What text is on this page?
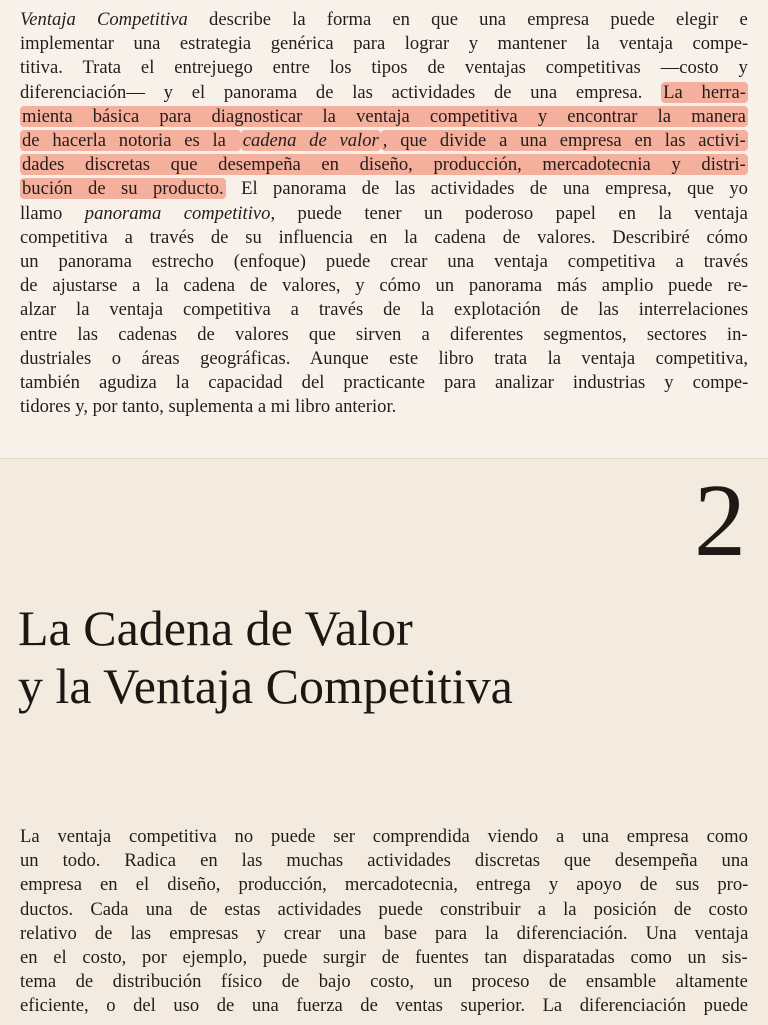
Ventaja Competitiva describe la forma en que una empresa puede elegir e
implementar una estrategia genérica para lograr y mantener la ventaja compe-
titiva. Trata el entrejuego entre los tipos de ventajas competitivas —costo y
diferenciación— y el panorama de las actividades de una empresa. La herra-
mienta básica para diagnosticar la ventaja competitiva y encontrar la manera
de hacerla notoria es la cadena de valor , que divide a una empresa en las activi-
dades discretas que desempeña en diseño, producción, mercadotecnia y distri-
bución de su producto. El panorama de las actividades de una empresa, que yo
llamo panorama competitivo, puede tener un poderoso papel en la ventaja
competitiva a través de su influencia en la cadena de valores. Describiré cómo
un panorama estrecho (enfoque) puede crear una ventaja competitiva a través
de ajustarse a la cadena de valores, y cómo un panorama más amplio puede re-
alzar la ventaja competitiva a través de la explotación de las interrelaciones
entre las cadenas de valores que sirven a diferentes segmentos, sectores in-
dustriales o áreas geográficas. Aunque este libro trata la ventaja competitiva,
también agudiza la capacidad del practicante para analizar industrias y compe-
tidores y, por tanto, suplementa a mi libro anterior.

2
La Cadena de Valor
y la Ventaja Competitiva
La ventaja competitiva no puede ser comprendida viendo a una empresa como
un todo. Radica en las muchas actividades discretas que desempeña una
empresa en el diseño, producción, mercadotecnia, entrega y apoyo de sus pro-
ductos. Cada una de estas actividades puede constribuir a la posición de costo
relativo de las empresas y crear una base para la diferenciación. Una ventaja
en el costo, por ejemplo, puede surgir de fuentes tan disparatadas como un sis-
tema de distribución físico de bajo costo, un proceso de ensamble altamente
eficiente, o del uso de una fuerza de ventas superior. La diferenciación puede
